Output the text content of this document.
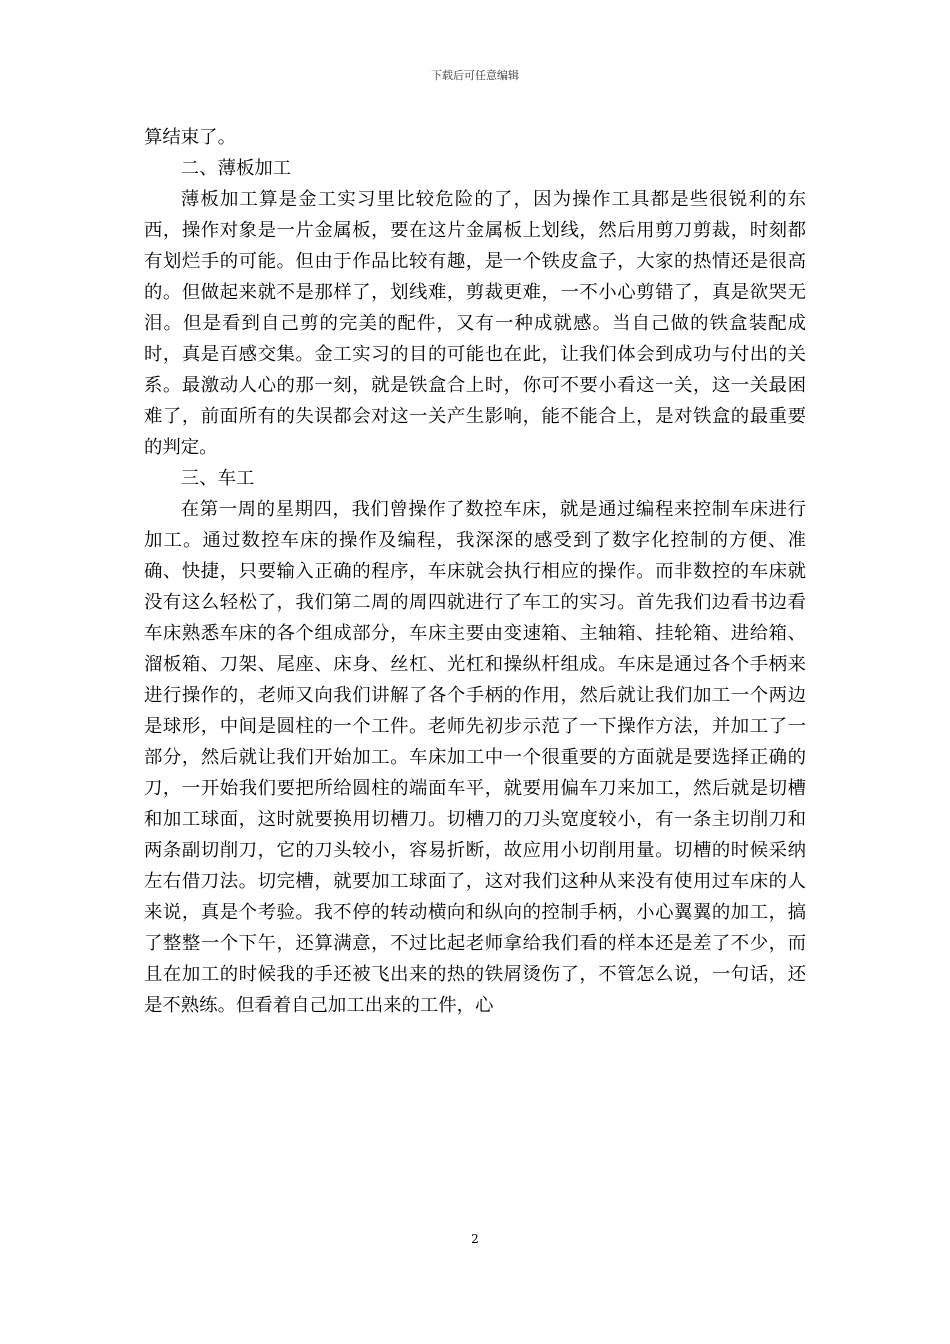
下载后可任意编辑

算结束了。

二、薄板加工

薄板加工算是金工实习里比较危险的了，因为操作工具都是些很锐利的东西，操作对象是一片金属板，要在这片金属板上划线，然后用剪刀剪裁，时刻都有划烂手的可能。但由于作品比较有趣，是一个铁皮盒子，大家的热情还是很高的。但做起来就不是那样了，划线难，剪裁更难，一不小心剪错了，真是欲哭无泪。但是看到自己剪的完美的配件，又有一种成就感。当自己做的铁盒装配成时，真是百感交集。金工实习的目的可能也在此，让我们体会到成功与付出的关系。最激动人心的那一刻，就是铁盒合上时，你可不要小看这一关，这一关最困难了，前面所有的失误都会对这一关产生影响，能不能合上，是对铁盒的最重要的判定。

三、车工

在第一周的星期四，我们曾操作了数控车床，就是通过编程来控制车床进行加工。通过数控车床的操作及编程，我深深的感受到了数字化控制的方便、准确、快捷，只要输入正确的程序，车床就会执行相应的操作。而非数控的车床就没有这么轻松了，我们第二周的周四就进行了车工的实习。首先我们边看书边看车床熟悉车床的各个组成部分，车床主要由变速箱、主轴箱、挂轮箱、进给箱、溜板箱、刀架、尾座、床身、丝杠、光杠和操纵杆组成。车床是通过各个手柄来进行操作的，老师又向我们讲解了各个手柄的作用，然后就让我们加工一个两边是球形，中间是圆柱的一个工件。老师先初步示范了一下操作方法，并加工了一部分，然后就让我们开始加工。车床加工中一个很重要的方面就是要选择正确的刀，一开始我们要把所给圆柱的端面车平，就要用偏车刀来加工，然后就是切槽和加工球面，这时就要换用切槽刀。切槽刀的刀头宽度较小，有一条主切削刀和两条副切削刀，它的刀头较小，容易折断，故应用小切削用量。切槽的时候采纳左右借刀法。切完槽，就要加工球面了，这对我们这种从来没有使用过车床的人来说，真是个考验。我不停的转动横向和纵向的控制手柄，小心翼翼的加工，搞了整整一个下午，还算满意，不过比起老师拿给我们看的样本还是差了不少，而且在加工的时候我的手还被飞出来的热的铁屑烫伤了，不管怎么说，一句话，还是不熟练。但看着自己加工出来的工件，心

2
